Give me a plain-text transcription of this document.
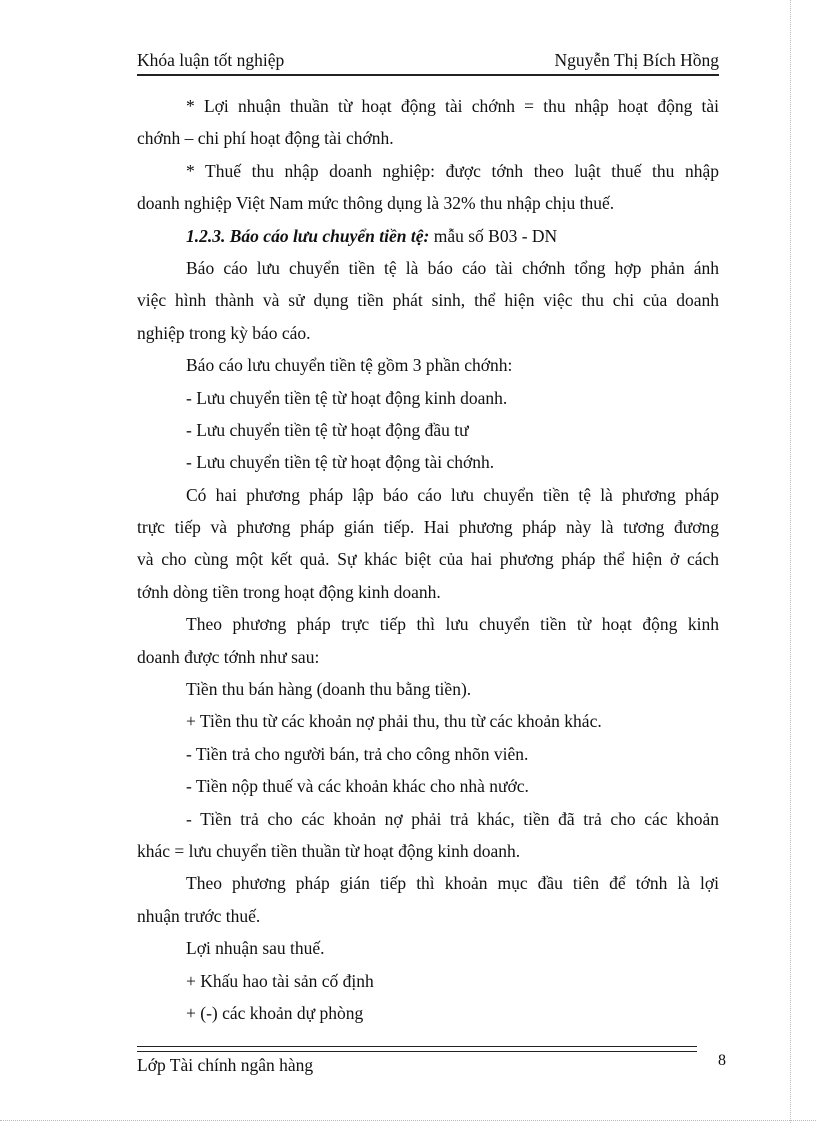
Khóa luận tốt nghiệp	Nguyễn Thị Bích Hồng
* Lợi nhuận thuần từ hoạt động tài chớnh = thu nhập hoạt động tài
chớnh – chi phí hoạt động tài chớnh.
* Thuế thu nhập doanh nghiệp: được tớnh theo luật thuế thu nhập
doanh nghiệp Việt Nam mức thông dụng là 32% thu nhập chịu thuế.
1.2.3. Báo cáo lưu chuyển tiền tệ: mẫu số B03 - DN
Báo cáo lưu chuyển tiền tệ là báo cáo tài chớnh tổng hợp phản ánh
việc hình thành và sử dụng tiền phát sinh, thể hiện việc thu chi của doanh
nghiệp trong kỳ báo cáo.
Báo cáo lưu chuyển tiền tệ gồm 3 phần chớnh:
- Lưu chuyển tiền tệ từ hoạt động kinh doanh.
- Lưu chuyển tiền tệ từ hoạt động đầu tư
- Lưu chuyển tiền tệ từ hoạt động tài chớnh.
Có hai phương pháp lập báo cáo lưu chuyển tiền tệ là phương pháp
trực tiếp và phương pháp gián tiếp. Hai phương pháp này là tương đương
và cho cùng một kết quả. Sự khác biệt của hai phương pháp thể hiện ở cách
tớnh dòng tiền trong hoạt động kinh doanh.
Theo phương pháp trực tiếp thì lưu chuyển tiền từ hoạt động kinh
doanh được tớnh như sau:
Tiền thu bán hàng (doanh thu bằng tiền).
+ Tiền thu từ các khoản nợ phải thu, thu từ các khoản khác.
- Tiền trả cho người bán, trả cho công nhõn viên.
- Tiền nộp thuế và các khoản khác cho nhà nước.
- Tiền trả cho các khoản nợ phải trả khác, tiền đã trả cho các khoản
khác = lưu chuyển tiền thuần từ hoạt động kinh doanh.
Theo phương pháp gián tiếp thì khoản mục đầu tiên để tớnh là lợi
nhuận trước thuế.
Lợi nhuận sau thuế.
+ Khấu hao tài sản cố định
+ (-) các khoản dự phòng
Lớp Tài chính ngân hàng	8
